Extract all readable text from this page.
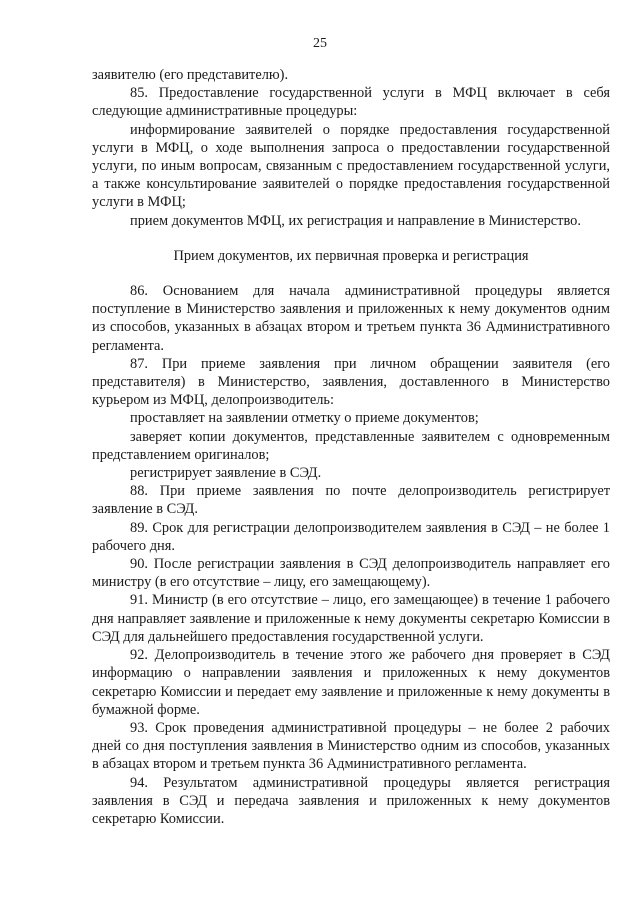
25

заявителю (его представителю).

85. Предоставление государственной услуги в МФЦ включает в себя следующие административные процедуры:

информирование заявителей о порядке предоставления государственной услуги в МФЦ, о ходе выполнения запроса о предоставлении государственной услуги, по иным вопросам, связанным с предоставлением государственной услуги, а также консультирование заявителей о порядке предоставления государственной услуги в МФЦ;

прием документов МФЦ, их регистрация и направление в Министерство.

Прием документов, их первичная проверка и регистрация

86. Основанием для начала административной процедуры является поступление в Министерство заявления и приложенных к нему документов одним из способов, указанных в абзацах втором и третьем пункта 36 Административного регламента.

87. При приеме заявления при личном обращении заявителя (его представителя) в Министерство, заявления, доставленного в Министерство курьером из МФЦ, делопроизводитель:

проставляет на заявлении отметку о приеме документов;

заверяет копии документов, представленные заявителем с одновременным представлением оригиналов;

регистрирует заявление в СЭД.

88. При приеме заявления по почте делопроизводитель регистрирует заявление в СЭД.

89. Срок для регистрации делопроизводителем заявления в СЭД – не более 1 рабочего дня.

90. После регистрации заявления в СЭД делопроизводитель направляет его министру (в его отсутствие – лицу, его замещающему).

91. Министр (в его отсутствие – лицо, его замещающее) в течение 1 рабочего дня направляет заявление и приложенные к нему документы секретарю Комиссии в СЭД для дальнейшего предоставления государственной услуги.

92. Делопроизводитель в течение этого же рабочего дня проверяет в СЭД информацию о направлении заявления и приложенных к нему документов секретарю Комиссии и передает ему заявление и приложенные к нему документы в бумажной форме.

93. Срок проведения административной процедуры – не более 2 рабочих дней со дня поступления заявления в Министерство одним из способов, указанных в абзацах втором и третьем пункта 36 Административного регламента.

94. Результатом административной процедуры является регистрация заявления в СЭД и передача заявления и приложенных к нему документов секретарю Комиссии.
